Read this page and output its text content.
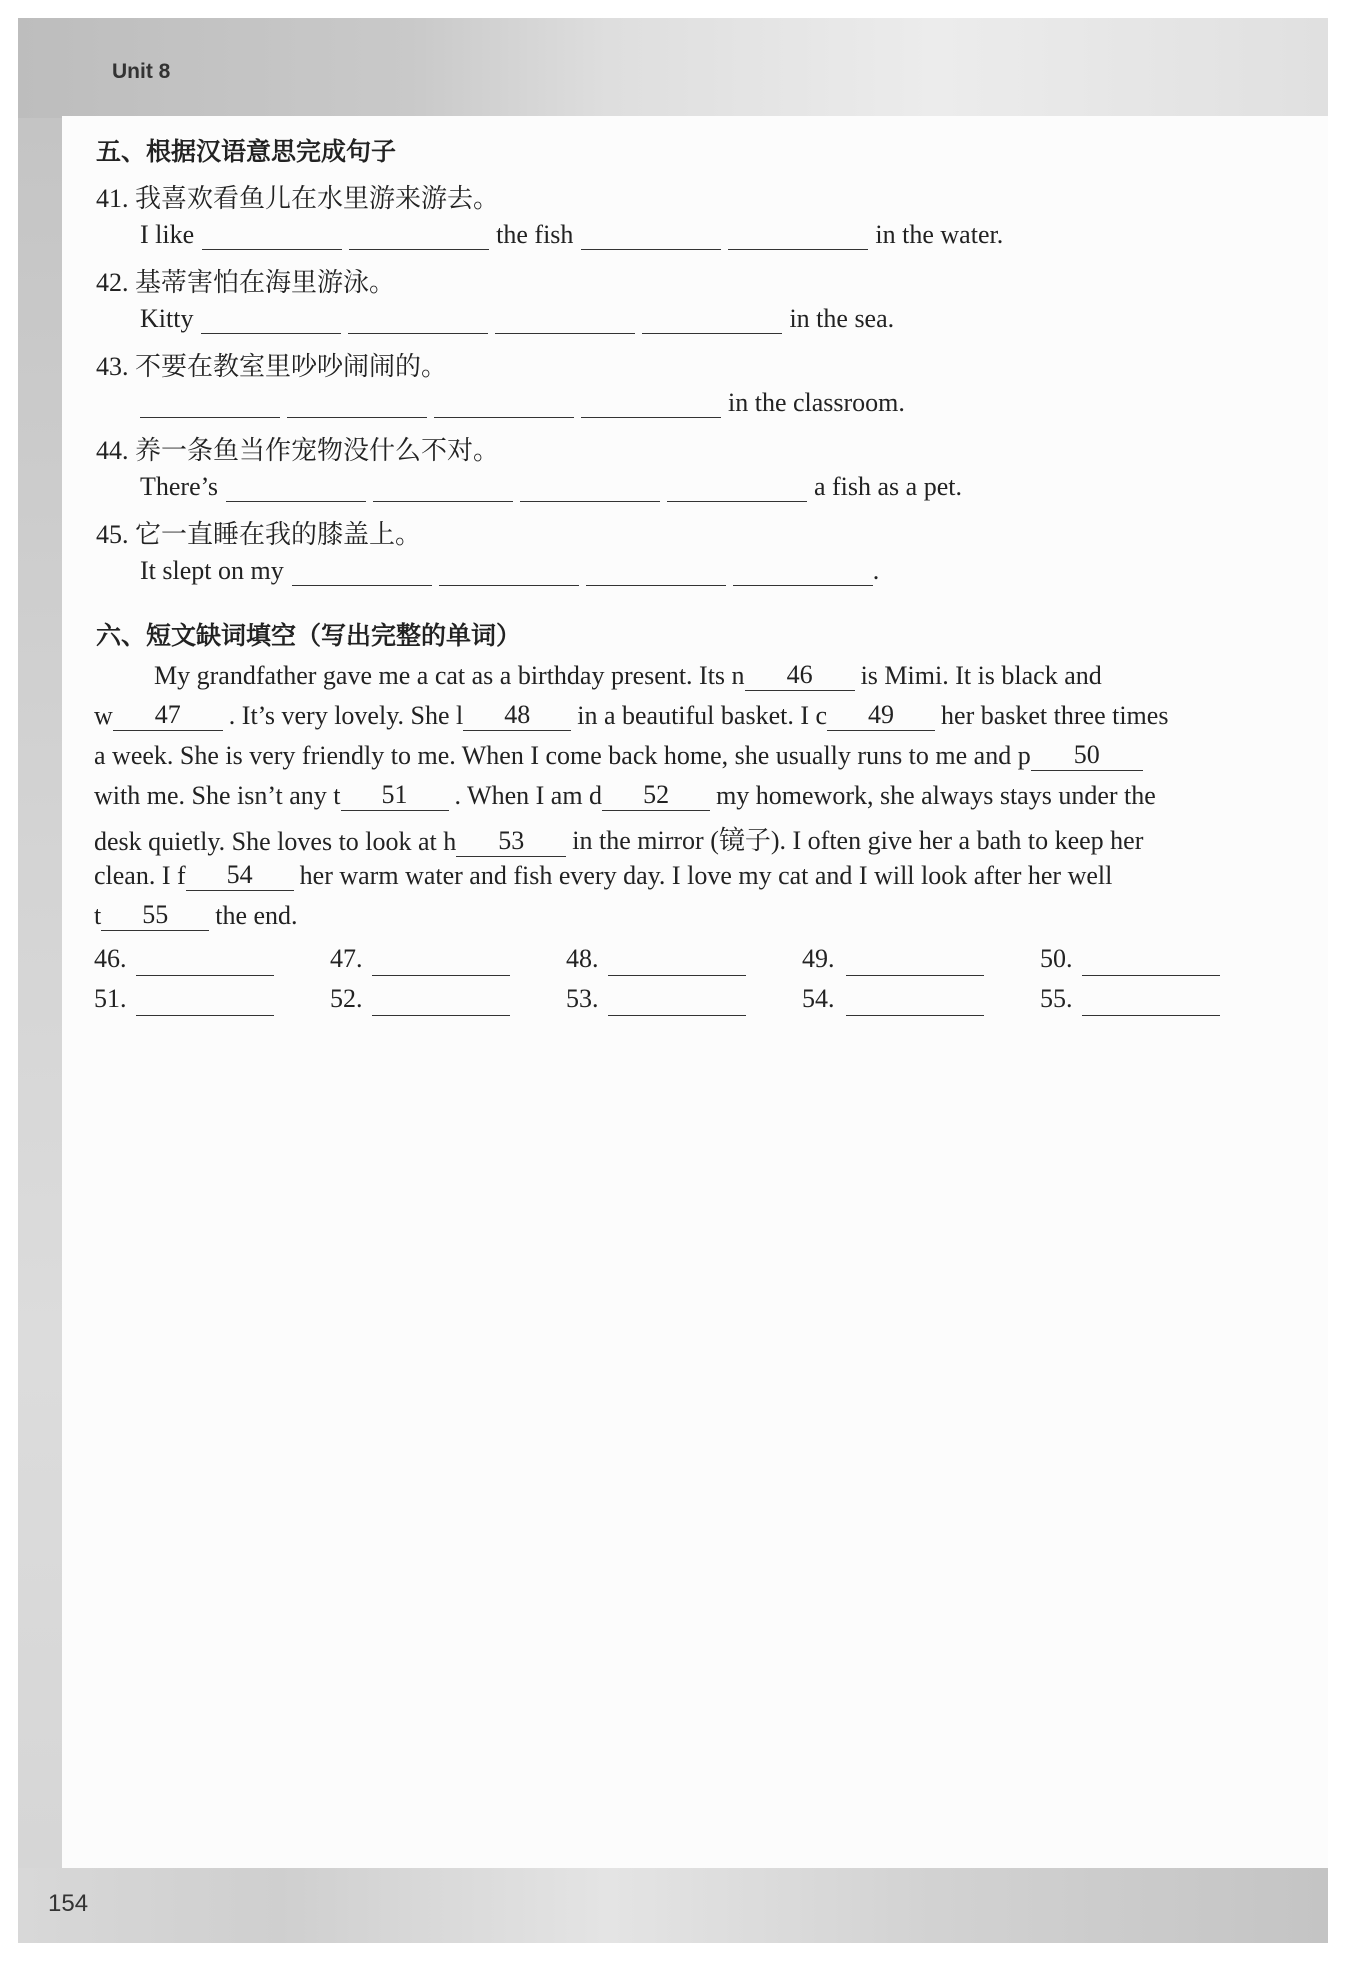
Unit 8
五、根据汉语意思完成句子
41. 我喜欢看鱼儿在水里游来游去。
I like	the fish	in the water.
42. 基蒂害怕在海里游泳。
Kitty	in the sea.
43. 不要在教室里吵吵闹闹的。
in the classroom.
44. 养一条鱼当作宠物没什么不对。
There’s	a fish as a pet.
45. 它一直睡在我的膝盖上。
It slept on my	.
六、短文缺词填空（写出完整的单词）
My grandfather gave me a cat as a birthday present. Its n	46	is Mimi. It is black and
w	47	. It’s very lovely. She l	48	in a beautiful basket. I c	49	her basket three times
a week. She is very friendly to me. When I come back home, she usually runs to me and p	50
with me. She isn’t any t	51	. When I am d	52	my homework, she always stays under the
desk quietly. She loves to look at h	53	in the mirror (镜子). I often give her a bath to keep her
clean. I f	54	her warm water and fish every day. I love my cat and I will look after her well
t	55	the end.
46.	47.	48.	49.	50.
51.	52.	53.	54.	55.
154
